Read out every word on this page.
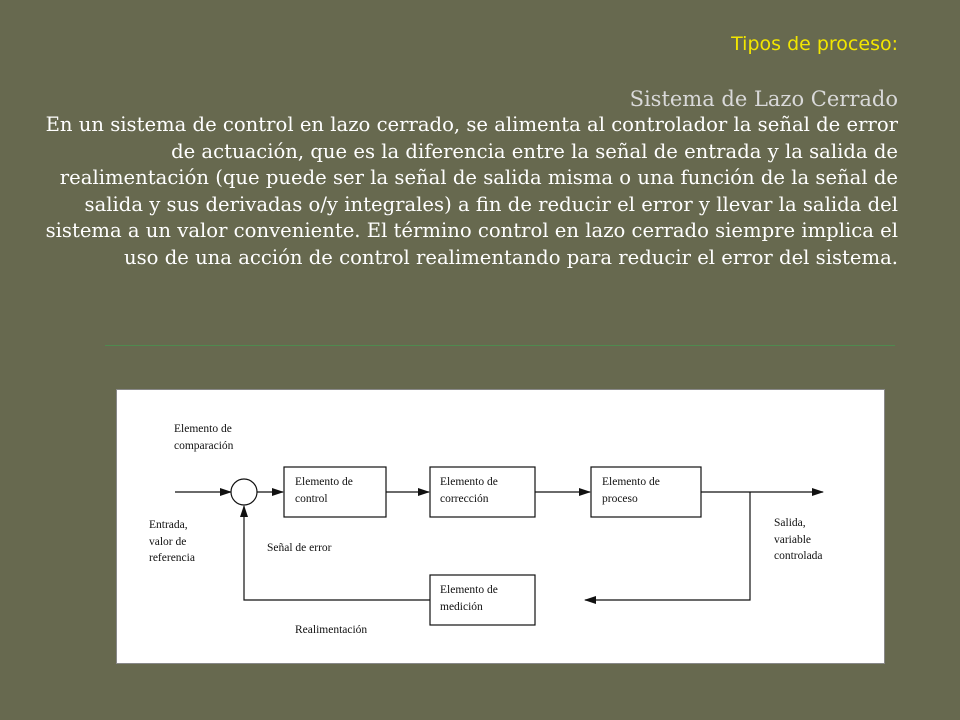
Tipos de proceso:
Sistema de Lazo Cerrado
En un sistema de control en lazo cerrado, se alimenta al controlador la señal de error de actuación, que es la diferencia entre la señal de entrada y la salida de realimentación (que puede ser la señal de salida misma o una función de la señal de salida y sus derivadas o/y integrales) a fin de reducir el error y llevar la salida del sistema a un valor conveniente. El término control en lazo cerrado siempre implica el uso de una acción de control realimentando para reducir el error del sistema.
Elemento de
comparación
Entrada,
valor de
referencia
Elemento de
control
Elemento de
corrección
Elemento de
proceso
Salida,
variable
controlada
Elemento de
medición
Señal de error
Realimentación
